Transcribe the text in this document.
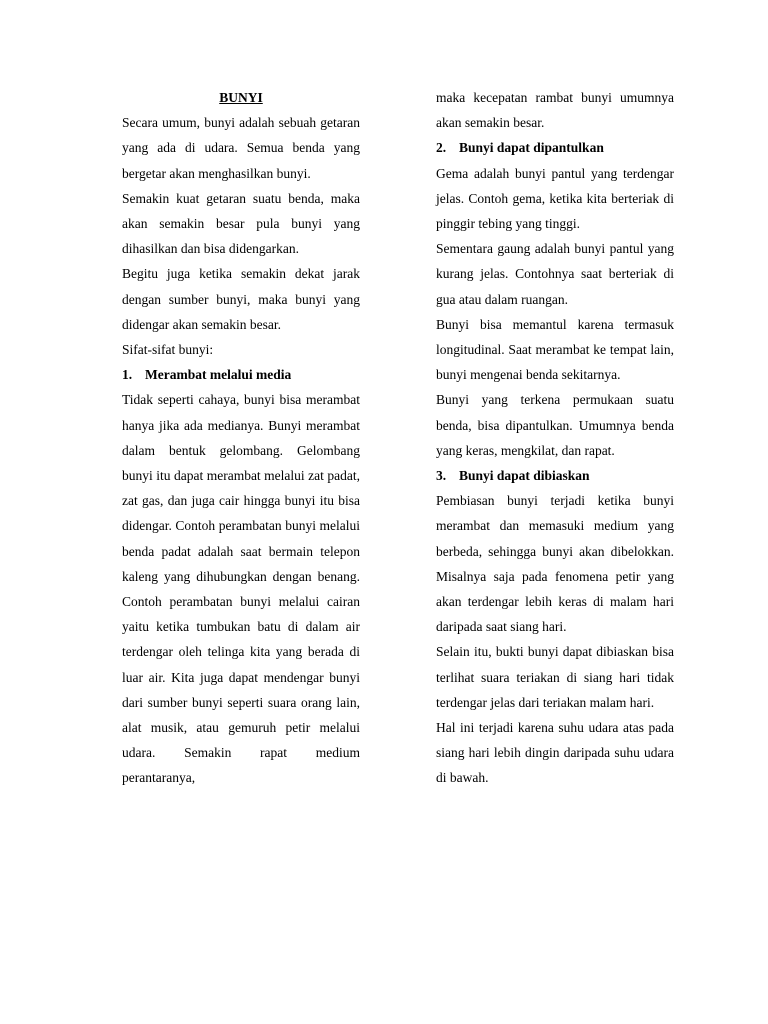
BUNYI

Secara umum, bunyi adalah sebuah getaran yang ada di udara. Semua benda yang bergetar akan menghasilkan bunyi.

Semakin kuat getaran suatu benda, maka akan semakin besar pula bunyi yang dihasilkan dan bisa didengarkan.

Begitu juga ketika semakin dekat jarak dengan sumber bunyi, maka bunyi yang didengar akan semakin besar.

Sifat-sifat bunyi:

1. Merambat melalui media

Tidak seperti cahaya, bunyi bisa merambat hanya jika ada medianya. Bunyi merambat dalam bentuk gelombang. Gelombang bunyi itu dapat merambat melalui zat padat, zat gas, dan juga cair hingga bunyi itu bisa didengar. Contoh perambatan bunyi melalui benda padat adalah saat bermain telepon kaleng yang dihubungkan dengan benang. Contoh perambatan bunyi melalui cairan yaitu ketika tumbukan batu di dalam air terdengar oleh telinga kita yang berada di luar air. Kita juga dapat mendengar bunyi dari sumber bunyi seperti suara orang lain, alat musik, atau gemuruh petir melalui udara. Semakin rapat medium perantaranya,

maka kecepatan rambat bunyi umumnya akan semakin besar.

2. Bunyi dapat dipantulkan

Gema adalah bunyi pantul yang terdengar jelas. Contoh gema, ketika kita berteriak di pinggir tebing yang tinggi.

Sementara gaung adalah bunyi pantul yang kurang jelas. Contohnya saat berteriak di gua atau dalam ruangan.

Bunyi bisa memantul karena termasuk longitudinal. Saat merambat ke tempat lain, bunyi mengenai benda sekitarnya.

Bunyi yang terkena permukaan suatu benda, bisa dipantulkan. Umumnya benda yang keras, mengkilat, dan rapat.

3. Bunyi dapat dibiaskan

Pembiasan bunyi terjadi ketika bunyi merambat dan memasuki medium yang berbeda, sehingga bunyi akan dibelokkan. Misalnya saja pada fenomena petir yang akan terdengar lebih keras di malam hari daripada saat siang hari.

Selain itu, bukti bunyi dapat dibiaskan bisa terlihat suara teriakan di siang hari tidak terdengar jelas dari teriakan malam hari.

Hal ini terjadi karena suhu udara atas pada siang hari lebih dingin daripada suhu udara di bawah.
